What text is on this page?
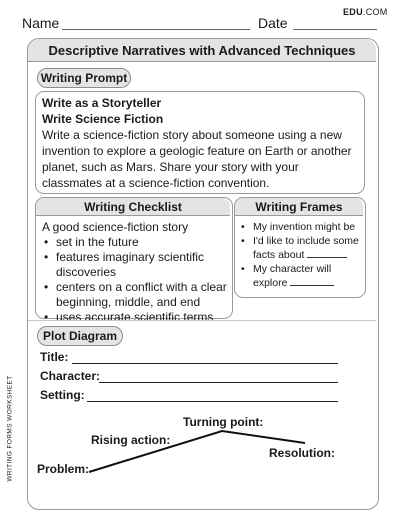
Name	Date
EDU.COM
Descriptive Narratives with Advanced Techniques
Writing Prompt
Write as a Storyteller
Write Science Fiction
Write a science-fiction story about someone using a new invention to explore a geologic feature on Earth or another planet, such as Mars. Share your story with your classmates at a science-fiction convention.
Writing Checklist
A good science-fiction story
• set in the future
• features imaginary scientific discoveries
• centers on a conflict with a clear beginning, middle, and end
• uses accurate scientific terms
Writing Frames
• My invention might be
• I'd like to include some facts about
• My character will explore
Plot Diagram
Title:
Character:
Setting:
Turning point:
Rising action:
Resolution:
Problem:
WRITING FORMS WORKSHEET
